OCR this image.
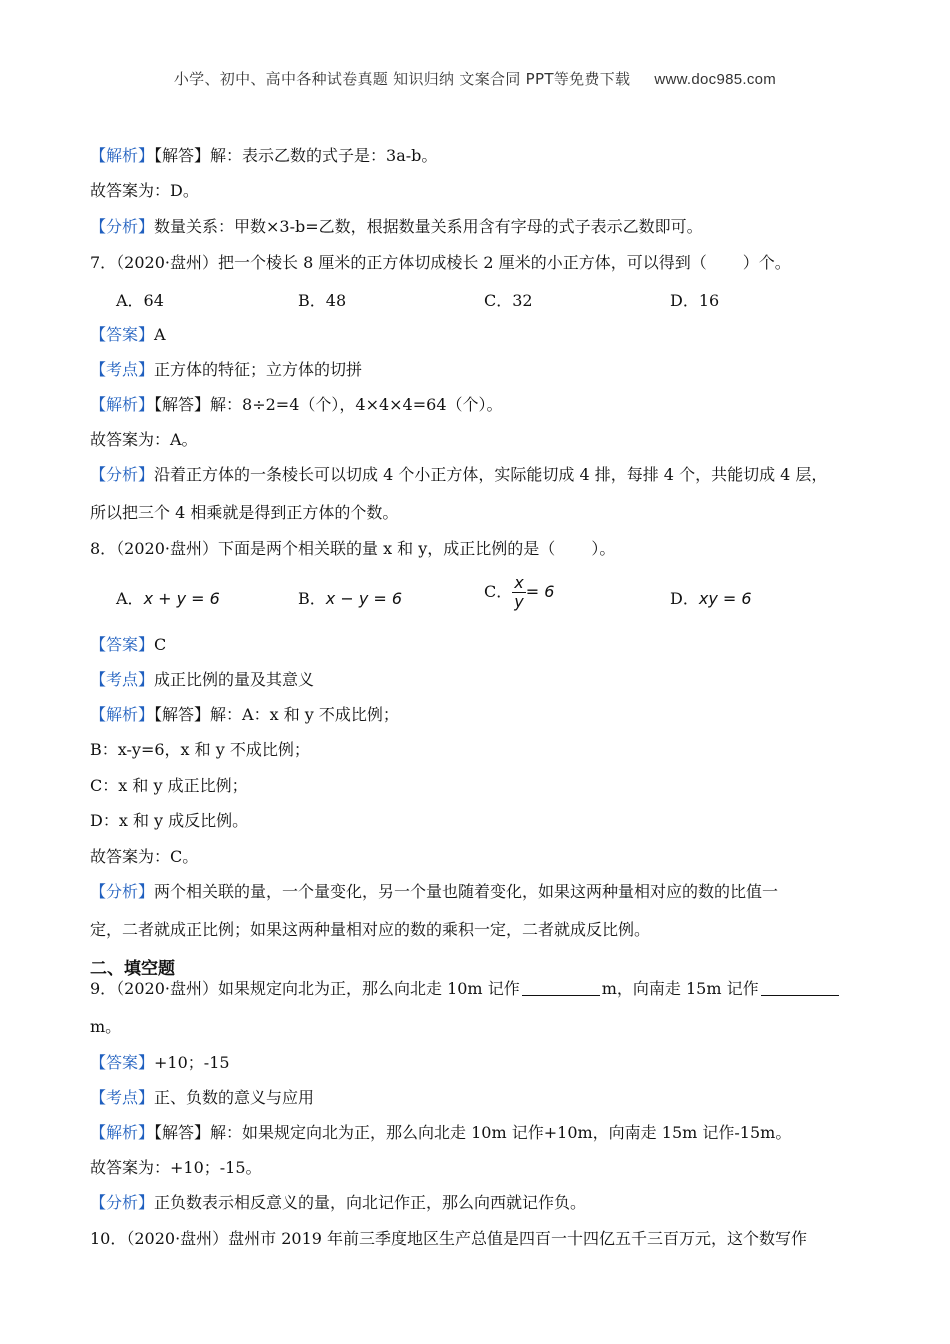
小学、初中、高中各种试卷真题 知识归纳 文案合同 PPT等免费下载 www.doc985.com
【解析】【解答】解：表示乙数的式子是：3a-b。
故答案为：D。
【分析】数量关系：甲数×3-b=乙数，根据数量关系用含有字母的式子表示乙数即可。
7．（2020·盘州）把一个棱长 8 厘米的正方体切成棱长 2 厘米的小正方体，可以得到（ ）个。
A．64	B．48	C．32	D．16
【答案】A
【考点】正方体的特征；立方体的切拼
【解析】【解答】解：8÷2=4（个），4×4×4=64（个）。
故答案为：A。
【分析】沿着正方体的一条棱长可以切成 4 个小正方体，实际能切成 4 排，每排 4 个，共能切成 4 层，
所以把三个 4 相乘就是得到正方体的个数。
8．（2020·盘州）下面是两个相关联的量 x 和 y，成正比例的是（ ）。
A．x + y = 6	B．x − y = 6	C． $\frac{x}{y} = 6$	D．xy = 6
【答案】C
【考点】成正比例的量及其意义
【解析】【解答】解：A：x 和 y 不成比例；
B：x-y=6，x 和 y 不成比例；
C：x 和 y 成正比例；
D：x 和 y 成反比例。
故答案为：C。
【分析】两个相关联的量，一个量变化，另一个量也随着变化，如果这两种量相对应的数的比值一
定，二者就成正比例；如果这两种量相对应的数的乘积一定，二者就成反比例。
二、填空题
9．（2020·盘州）如果规定向北为正，那么向北走 10m 记作	m，向南走 15m 记作
m。
【答案】+10；-15
【考点】正、负数的意义与应用
【解析】【解答】解：如果规定向北为正，那么向北走 10m 记作+10m，向南走 15m 记作-15m。
故答案为：+10；-15。
【分析】正负数表示相反意义的量，向北记作正，那么向西就记作负。
10．（2020·盘州）盘州市 2019 年前三季度地区生产总值是四百一十四亿五千三百万元，这个数写作
